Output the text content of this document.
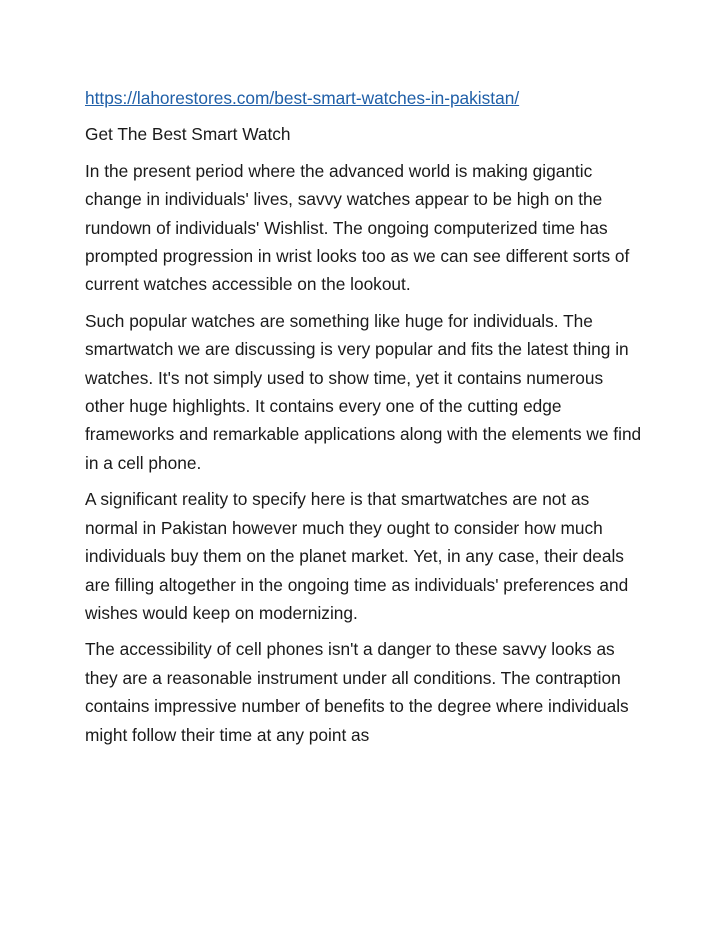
https://lahorestores.com/best-smart-watches-in-pakistan/
Get The Best Smart Watch

In the present period where the advanced world is making gigantic change in individuals' lives, savvy watches appear to be high on the rundown of individuals' Wishlist. The ongoing computerized time has prompted progression in wrist looks too as we can see different sorts of current watches accessible on the lookout.

Such popular watches are something like huge for individuals. The smartwatch we are discussing is very popular and fits the latest thing in watches. It's not simply used to show time, yet it contains numerous other huge highlights. It contains every one of the cutting edge frameworks and remarkable applications along with the elements we find in a cell phone.

A significant reality to specify here is that smartwatches are not as normal in Pakistan however much they ought to consider how much individuals buy them on the planet market. Yet, in any case, their deals are filling altogether in the ongoing time as individuals' preferences and wishes would keep on modernizing.

The accessibility of cell phones isn't a danger to these savvy looks as they are a reasonable instrument under all conditions. The contraption contains impressive number of benefits to the degree where individuals might follow their time at any point as
